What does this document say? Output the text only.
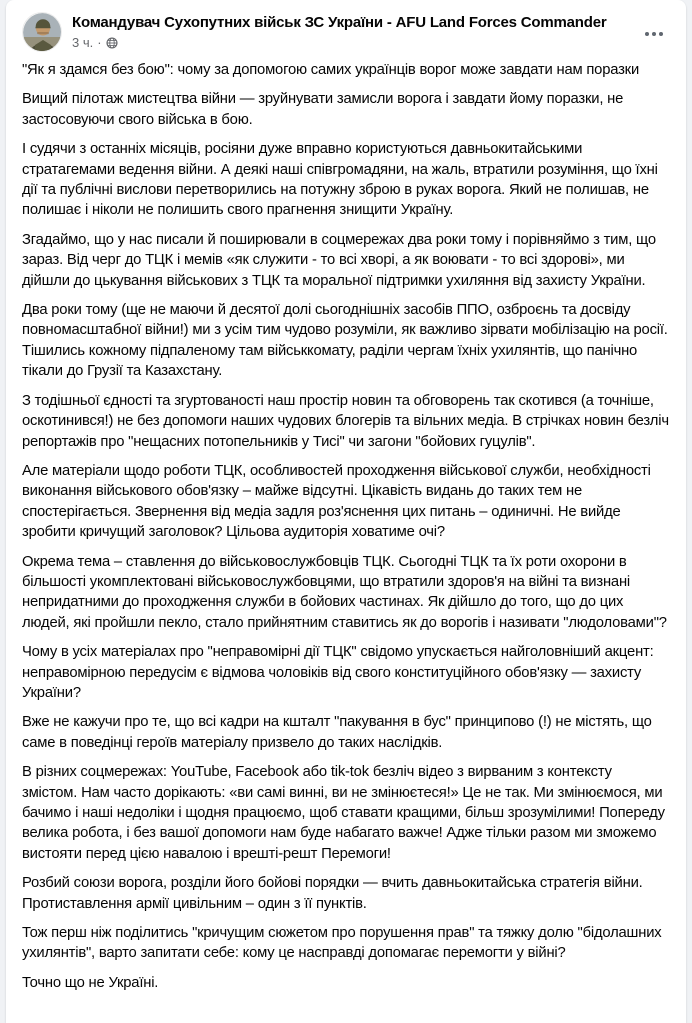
Командувач Сухопутних військ ЗС України - AFU Land Forces Commander
3 ч. ·

"Як я здамся без бою": чому за допомогою самих українців ворог може завдати нам поразки

Вищий пілотаж мистецтва війни — зруйнувати замисли ворога і завдати йому поразки, не застосовуючи свого війська в бою.

І судячи з останніх місяців, росіяни дуже вправно користуються давньокитайськими стратагемами ведення війни. А деякі наші співгромадяни, на жаль, втратили розуміння, що їхні дії та публічні вислови перетворились на потужну зброю в руках ворога. Який не полишав, не полишає і ніколи не полишить свого прагнення знищити Україну.

Згадаймо, що у нас писали й поширювали в соцмережах два роки тому і порівняймо з тим, що зараз. Від черг до ТЦК і мемів «як служити - то всі хворі, а як воювати - то всі здорові», ми дійшли до цькування військових з ТЦК та моральної підтримки ухиляння від захисту України.

Два роки тому (ще не маючи й десятої долі сьогоднішніх засобів ППО, озброєнь та досвіду повномасштабної війни!) ми з усім тим чудово розуміли, як важливо зірвати мобілізацію на росії. Тішились кожному підпаленому там військкомату, раділи чергам їхніх ухилянтів, що панічно тікали до Грузії та Казахстану.

З тодішньої єдності та згуртованості наш простір новин та обговорень так скотився (а точніше, оскотинився!) не без допомоги наших чудових блогерів та вільних медіа. В стрічках новин безліч репортажів про "нещасних потопельників у Тисі" чи загони "бойових гуцулів".

Але матеріали щодо роботи ТЦК, особливостей проходження військової служби, необхідності виконання військового обов'язку – майже відсутні. Цікавість видань до таких тем не спостерігається. Звернення від медіа задля роз'яснення цих питань – одиничні. Не вийде зробити кричущий заголовок? Цільова аудиторія ховатиме очі?

Окрема тема – ставлення до військовослужбовців ТЦК. Сьогодні ТЦК та їх роти охорони в більшості укомплектовані військовослужбовцями, що втратили здоров'я на війні та визнані непридатними до проходження служби в бойових частинах. Як дійшло до того, що до цих людей, які пройшли пекло, стало прийнятним ставитись як до ворогів і називати "людоловами"?

Чому в усіх матеріалах про "неправомірні дії ТЦК" свідомо упускається найголовніший акцент: неправомірною передусім є відмова чоловіків від свого конституційного обов'язку — захисту України?

Вже не кажучи про те, що всі кадри на кшталт "пакування в бус" принципово (!) не містять, що саме в поведінці героїв матеріалу призвело до таких наслідків.

В різних соцмережах: YouTube, Facebook або tik-tok безліч відео з вирваним з контексту змістом. Нам часто дорікають: «ви самі винні, ви не змінюєтеся!» Це не так. Ми змінюємося, ми бачимо і наші недоліки і щодня працюємо, щоб ставати кращими, більш зрозумілими! Попереду велика робота, і без вашої допомоги нам буде набагато важче! Адже тільки разом ми зможемо вистояти перед цією навалою і врешті-решт Перемоги!

Розбий союзи ворога, розділи його бойові порядки — вчить давньокитайська стратегія війни. Протиставлення армії цивільним – один з її пунктів.

Тож перш ніж поділитись "кричущим сюжетом про порушення прав" та тяжку долю "бідолашних ухилянтів", варто запитати себе: кому це насправді допомагає перемогти у війні?

Точно що не Україні.
